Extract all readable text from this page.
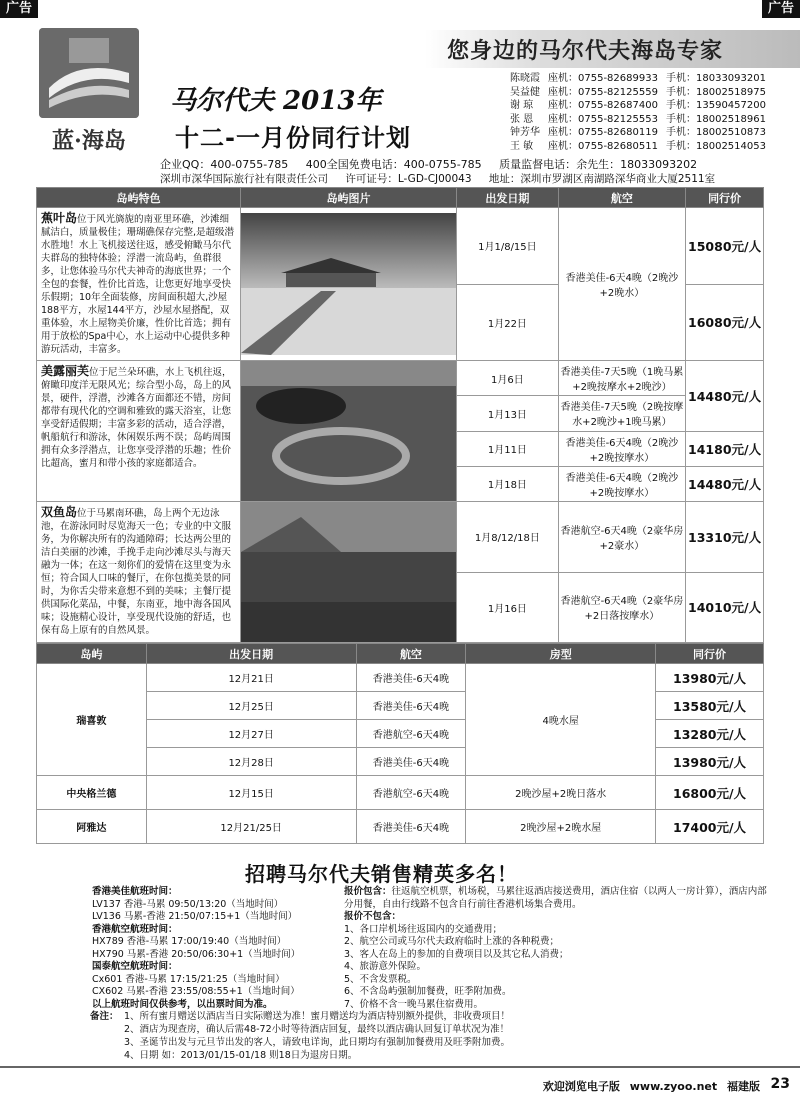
广告	广告
蓝·海岛
您身边的马尔代夫海岛专家
马尔代夫 2013年
十二-一月份同行计划
陈晓霞 座机：0755-82689933 手机：18033093201
吴益健 座机：0755-82125559 手机：18002518975
谢 琼	座机：0755-82687400 手机：13590457200
张 恩	座机：0755-82125553 手机：18002518961
钟芳华 座机：0755-82680119 手机：18002510873
王 敏	座机：0755-82680511 手机：18002514053
企业QQ：400-0755-785 400全国免费电话：400-0755-785 质量监督电话：余先生：18033093202
深圳市深华国际旅行社有限责任公司 许可证号：L-GD-CJ00043 地址：深圳市罗湖区南湖路深华商业大厦2511室
岛屿特色	岛屿图片	出发日期	航空	同行价
蕉叶岛位于风光旖旎的南亚里环礁，沙滩细腻洁白，质量极佳；珊瑚礁保存完整,是超级潜水胜地！水上飞机接送往返，感受俯瞰马尔代夫群岛的独特体验；浮潜一流岛屿，鱼群很多，让您体验马尔代夫神奇的海底世界；一个全包的套餐，性价比首选，让您更好地享受快乐假期；10年全面装修，房间面积超大,沙屋188平方，水屋144平方，沙屋水屋搭配，双重体验，水上屋物美价廉，性价比首选；拥有用于放松的Spa中心，水上运动中心提供多种游玩活动，丰富多。		1月1/8/15日	香港美佳-6天4晚（2晚沙+2晚水）	15080元/人
		1月22日		16080元/人
美露丽芙位于尼兰朵环礁，水上飞机往返，俯瞰印度洋无限风光；综合型小岛，岛上的风景，硬件，浮潜，沙滩各方面都还不错，房间都带有现代化的空调和雅致的露天浴室，让您享受舒适假期；丰富多彩的活动，适合浮潜，帆船航行和游泳，休闲娱乐两不误；岛屿周围拥有众多浮潜点，让您享受浮潜的乐趣；性价比超高，蜜月和带小孩的家庭都适合。		1月6日	香港美佳-7天5晚（1晚马累+2晚按摩水+2晚沙）	14480元/人
		1月13日	香港美佳-7天5晚（2晚按摩水+2晚沙+1晚马累）	
		1月11日	香港美佳-6天4晚（2晚沙+2晚按摩水）	14180元/人
		1月18日	香港美佳-6天4晚（2晚沙+2晚按摩水）	14480元/人
双鱼岛位于马累南环礁，岛上两个无边泳池，在游泳同时尽览海天一色；专业的中文服务，为你解决所有的沟通障碍；长达两公里的洁白美丽的沙滩，手挽手走向沙滩尽头与海天融为一体；在这一刻你们的爱情在这里变为永恒；符合国人口味的餐厅，在你包揽美景的同时，为你舌尖带来意想不到的美味；主餐厅提供国际化菜品，中餐，东南亚，地中海各国风味；设施精心设计，享受现代设施的舒适，也保有岛上原有的自然风景。		1月8/12/18日	香港航空-6天4晚（2豪华房+2豪水）	13310元/人
		1月16日	香港航空-6天4晚（2豪华房+2日落按摩水）	14010元/人
岛屿	出发日期	航空	房型	同行价
瑞喜敦	12月21日	香港美佳-6天4晚	4晚水屋	13980元/人
	12月25日	香港美佳-6天4晚		13580元/人
	12月27日	香港航空-6天4晚		13280元/人
	12月28日	香港美佳-6天4晚		13980元/人
中央格兰德	12月15日	香港航空-6天4晚	2晚沙屋+2晚日落水	16800元/人
阿雅达	12月21/25日	香港美佳-6天4晚	2晚沙屋+2晚水屋	17400元/人
招聘马尔代夫销售精英多名！
香港美佳航班时间：
LV137 香港-马累 09:50/13:20（当地时间）
LV136 马累-香港 21:50/07:15+1（当地时间）
香港航空航班时间：
HX789 香港-马累 17:00/19:40（当地时间）
HX790 马累-香港 20:50/06:30+1（当地时间）
国泰航空航班时间：
Cx601 香港-马累 17:15/21:25（当地时间）
CX602 马累-香港 23:55/08:55+1（当地时间）
以上航班时间仅供参考，以出票时间为准。
报价包含：往返航空机票，机场税，马累往返酒店接送费用，酒店住宿（以两人一房计算），酒店内部分用餐，自由行线路不包含自行前往香港机场集合费用。
报价不包含：
1、各口岸机场往返国内的交通费用；
2、航空公司或马尔代夫政府临时上涨的各种税费；
3、客人在岛上的参加的自费项目以及其它私人消费；
4、旅游意外保险。
5、不含发票税。
6、不含岛屿强制加餐费，旺季附加费。
7、价格不含一晚马累住宿费用。
备注： 1、所有蜜月赠送以酒店当日实际赠送为准！蜜月赠送均为酒店特别额外提供，非收费项目！
2、酒店为现查房，确认后需48-72小时等待酒店回复，最终以酒店确认回复订单状况为准！
3、圣诞节出发与元旦节出发的客人，请致电详询，此日期均有强制加餐费用及旺季附加费。
4、日期 如：2013/01/15-01/18 则18日为退房日期。
欢迎浏览电子版 www.zyoo.net 福建版 23
